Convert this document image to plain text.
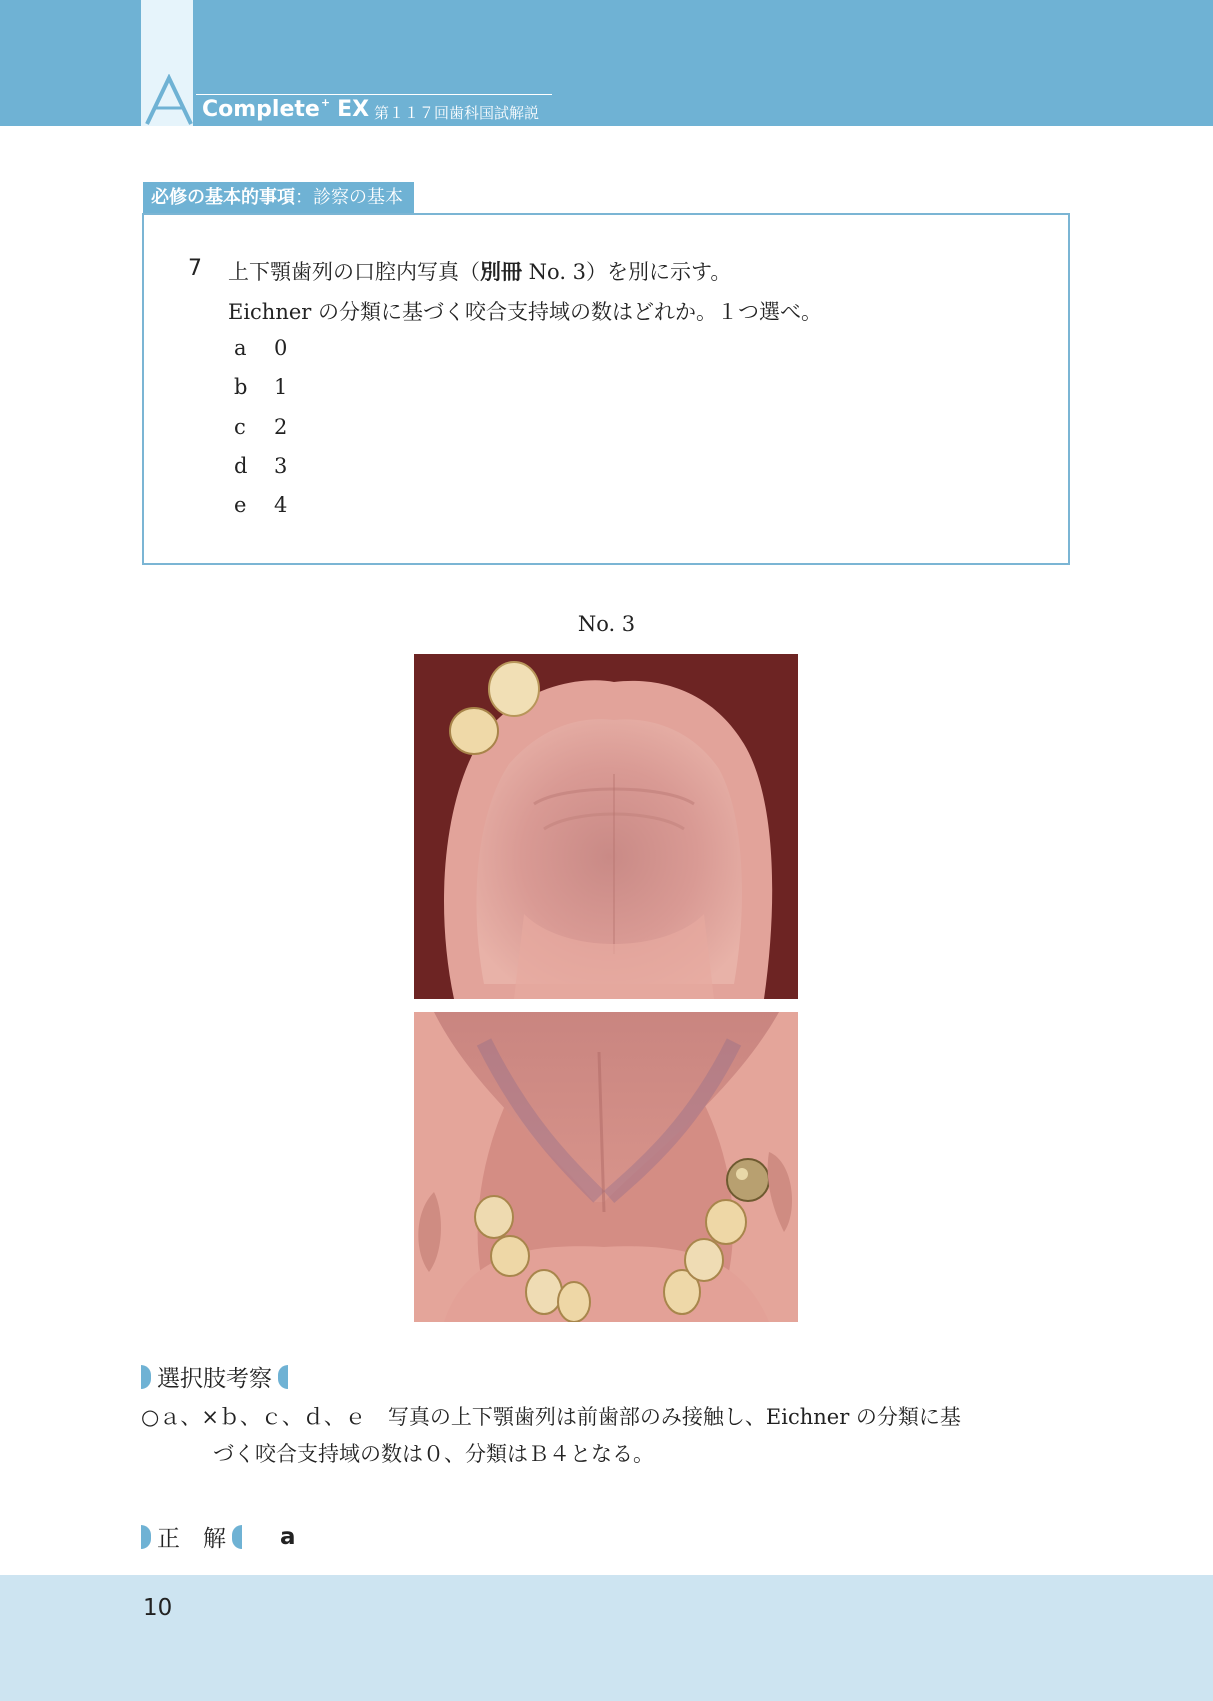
Complete+ EX 第１１７回歯科国試解説
必修の基本的事項：診察の基本
7 上下顎歯列の口腔内写真（別冊 No. 3）を別に示す。
Eichner の分類に基づく咬合支持域の数はどれか。１つ選べ。
a 0
b 1
c 2
d 3
e 4
No. 3
選択肢考察
○ａ、×ｂ、ｃ、ｄ、ｅ 写真の上下顎歯列は前歯部のみ接触し、Eichner の分類に基
づく咬合支持域の数は０、分類はＢ４となる。
正　解 a
10
